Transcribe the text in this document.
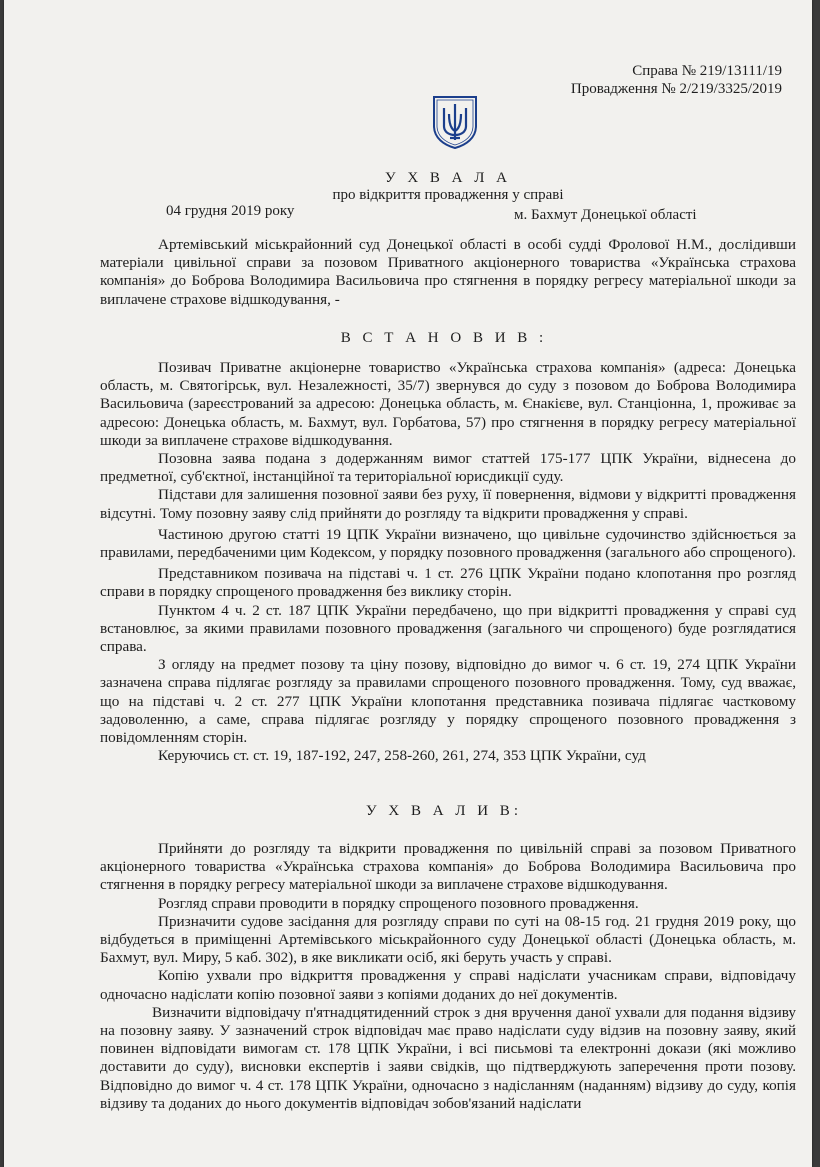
Справа № 219/13111/19
Провадження № 2/219/3325/2019
У Х В А Л А
про відкриття провадження у справі
04 грудня 2019 року	м. Бахмут Донецької області

Артемівський міськрайонний суд Донецької області в особі судді Фролової Н.М., дослідивши матеріали цивільної справи за позовом Приватного акціонерного товариства «Українська страхова компанія» до Боброва Володимира Васильовича про стягнення в порядку регресу матеріальної шкоди за виплачене страхове відшкодування, -

В С Т А Н О В И В :

Позивач Приватне акціонерне товариство «Українська страхова компанія» (адреса: Донецька область, м. Святогірськ, вул. Незалежності, 35/7) звернувся до суду з позовом до Боброва Володимира Васильовича (зареєстрований за адресою: Донецька область, м. Єнакієве, вул. Станціонна, 1, проживає за адресою: Донецька область, м. Бахмут, вул. Горбатова, 57) про стягнення в порядку регресу матеріальної шкоди за виплачене страхове відшкодування.

Позовна заява подана з додержанням вимог статтей 175-177 ЦПК України, віднесена до предметної, суб'єктної, інстанційної та територіальної юрисдикції суду.

Підстави для залишення позовної заяви без руху, її повернення, відмови у відкритті провадження відсутні. Тому позовну заяву слід прийняти до розгляду та відкрити провадження у справі.

Частиною другою статті 19 ЦПК України визначено, що цивільне судочинство здійснюється за правилами, передбаченими цим Кодексом, у порядку позовного провадження (загального або спрощеного).

Представником позивача на підставі ч. 1 ст. 276 ЦПК України подано клопотання про розгляд справи в порядку спрощеного провадження без виклику сторін.

Пунктом 4 ч. 2 ст. 187 ЦПК України передбачено, що при відкритті провадження у справі суд встановлює, за якими правилами позовного провадження (загального чи спрощеного) буде розглядатися справа.

З огляду на предмет позову та ціну позову, відповідно до вимог ч. 6 ст. 19, 274 ЦПК України зазначена справа підлягає розгляду за правилами спрощеного позовного провадження. Тому, суд вважає, що на підставі ч. 2 ст. 277 ЦПК України клопотання представника позивача підлягає частковому задоволенню, а саме, справа підлягає розгляду у порядку спрощеного позовного провадження з повідомленням сторін.

Керуючись ст. ст. 19, 187-192, 247, 258-260, 261, 274, 353 ЦПК України, суд

У Х В А Л И В:

Прийняти до розгляду та відкрити провадження по цивільній справі за позовом Приватного акціонерного товариства «Українська страхова компанія» до Боброва Володимира Васильовича про стягнення в порядку регресу матеріальної шкоди за виплачене страхове відшкодування.

Розгляд справи проводити в порядку спрощеного позовного провадження.

Призначити судове засідання для розгляду справи по суті на 08-15 год. 21 грудня 2019 року, що відбудеться в приміщенні Артемівського міськрайонного суду Донецької області (Донецька область, м. Бахмут, вул. Миру, 5 каб. 302), в яке викликати осіб, які беруть участь у справі.

Копію ухвали про відкриття провадження у справі надіслати учасникам справи, відповідачу одночасно надіслати копію позовної заяви з копіями доданих до неї документів.

Визначити відповідачу п'ятнадцятиденний строк з дня вручення даної ухвали для подання відзиву на позовну заяву. У зазначений строк відповідач має право надіслати суду відзив на позовну заяву, який повинен відповідати вимогам ст. 178 ЦПК України, і всі письмові та електронні докази (які можливо доставити до суду), висновки експертів і заяви свідків, що підтверджують заперечення проти позову. Відповідно до вимог ч. 4 ст. 178 ЦПК України, одночасно з надісланням (наданням) відзиву до суду, копія відзиву та доданих до нього документів відповідач зобов'язаний надіслати
